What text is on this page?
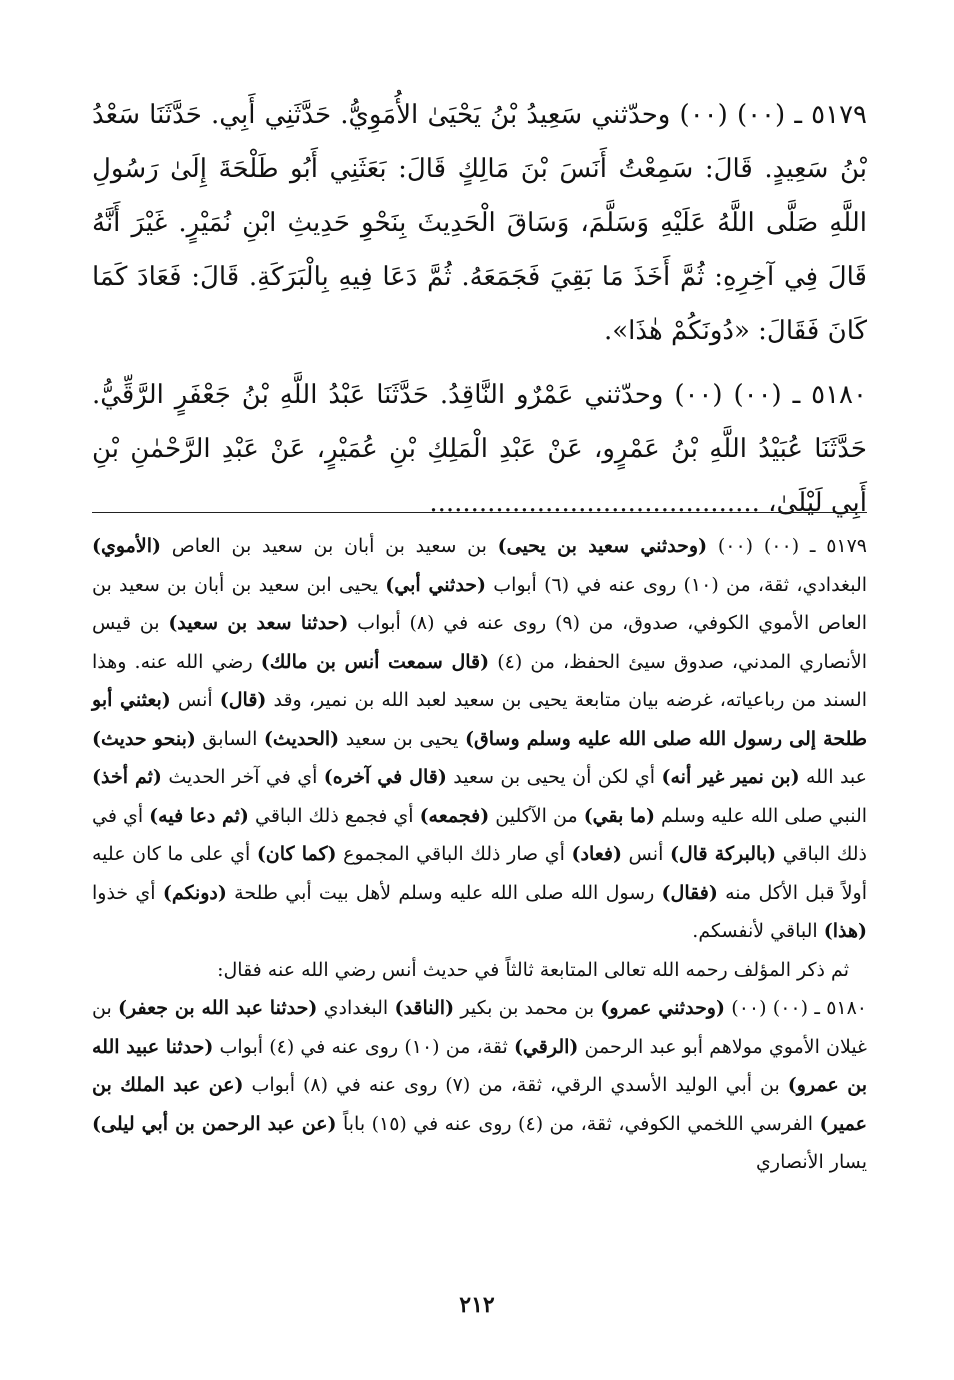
٥١٧٩ ـ (٠٠) (٠٠) وحدّثني سَعِيدُ بْنُ يَحْيَىٰ الأُمَوِيُّ. حَدَّثَنِي أَبِي. حَدَّثَنَا سَعْدُ بْنُ سَعِيدٍ. قَالَ: سَمِعْتُ أَنَسَ بْنَ مَالِكٍ قَالَ: بَعَثَنِي أَبُو طَلْحَةَ إِلَىٰ رَسُولِ اللَّهِ صَلَّى اللَّهُ عَلَيْهِ وَسَلَّمَ، وَسَاقَ الْحَدِيثَ بِنَحْوِ حَدِيثِ ابْنِ نُمَيْرٍ. غَيْرَ أَنَّهُ قَالَ فِي آخِرِهِ: ثُمَّ أَخَذَ مَا بَقِيَ فَجَمَعَهُ. ثُمَّ دَعَا فِيهِ بِالْبَرَكَةِ. قَالَ: فَعَادَ كَمَا كَانَ فَقَالَ: «دُونَكُمْ هٰذَا».

٥١٨٠ ـ (٠٠) (٠٠) وحدّثني عَمْرٌو النَّاقِدُ. حَدَّثَنَا عَبْدُ اللَّهِ بْنُ جَعْفَرٍ الرَّقِّيُّ. حَدَّثَنَا عُبَيْدُ اللَّهِ بْنُ عَمْرٍو، عَنْ عَبْدِ الْمَلِكِ بْنِ عُمَيْرٍ، عَنْ عَبْدِ الرَّحْمٰنِ بْنِ أَبِي لَيْلَىٰ، ........................................

٥١٧٩ ـ (٠٠) (٠٠) (وحدثني سعيد بن يحيى) بن سعيد بن أبان بن سعيد بن العاص (الأموي) البغدادي، ثقة، من (١٠) روى عنه في (٦) أبواب (حدثني أبي) يحيى ابن سعيد بن أبان بن سعيد بن العاص الأموي الكوفي، صدوق، من (٩) روى عنه في (٨) أبواب (حدثنا سعد بن سعيد) بن قيس الأنصاري المدني، صدوق سيئ الحفظ، من (٤) (قال سمعت أنس بن مالك) رضي الله عنه. وهذا السند من رباعياته، غرضه بيان متابعة يحيى بن سعيد لعبد الله بن نمير، وقد (قال) أنس (بعثني أبو طلحة إلى رسول الله صلى الله عليه وسلم وساق) يحيى بن سعيد (الحديث) السابق (بنحو حديث) عبد الله (بن نمير غير أنه) أي لكن أن يحيى بن سعيد (قال في آخره) أي في آخر الحديث (ثم أخذ) النبي صلى الله عليه وسلم (ما بقي) من الآكلين (فجمعه) أي فجمع ذلك الباقي (ثم دعا فيه) أي في ذلك الباقي (بالبركة قال) أنس (فعاد) أي صار ذلك الباقي المجموع (كما كان) أي على ما كان عليه أولاً قبل الأكل منه (فقال) رسول الله صلى الله عليه وسلم لأهل بيت أبي طلحة (دونكم) أي خذوا (هذا) الباقي لأنفسكم.

ثم ذكر المؤلف رحمه الله تعالى المتابعة ثالثاً في حديث أنس رضي الله عنه فقال:

٥١٨٠ ـ (٠٠) (٠٠) (وحدثني عمرو) بن محمد بن بكير (الناقد) البغدادي (حدثنا عبد الله بن جعفر) بن غيلان الأموي مولاهم أبو عبد الرحمن (الرقي) ثقة، من (١٠) روى عنه في (٤) أبواب (حدثنا عبيد الله بن عمرو) بن أبي الوليد الأسدي الرقي، ثقة، من (٧) روى عنه في (٨) أبواب (عن عبد الملك بن عمير) الفرسي اللخمي الكوفي، ثقة، من (٤) روى عنه في (١٥) باباً (عن عبد الرحمن بن أبي ليلى) يسار الأنصاري

٢١٢
